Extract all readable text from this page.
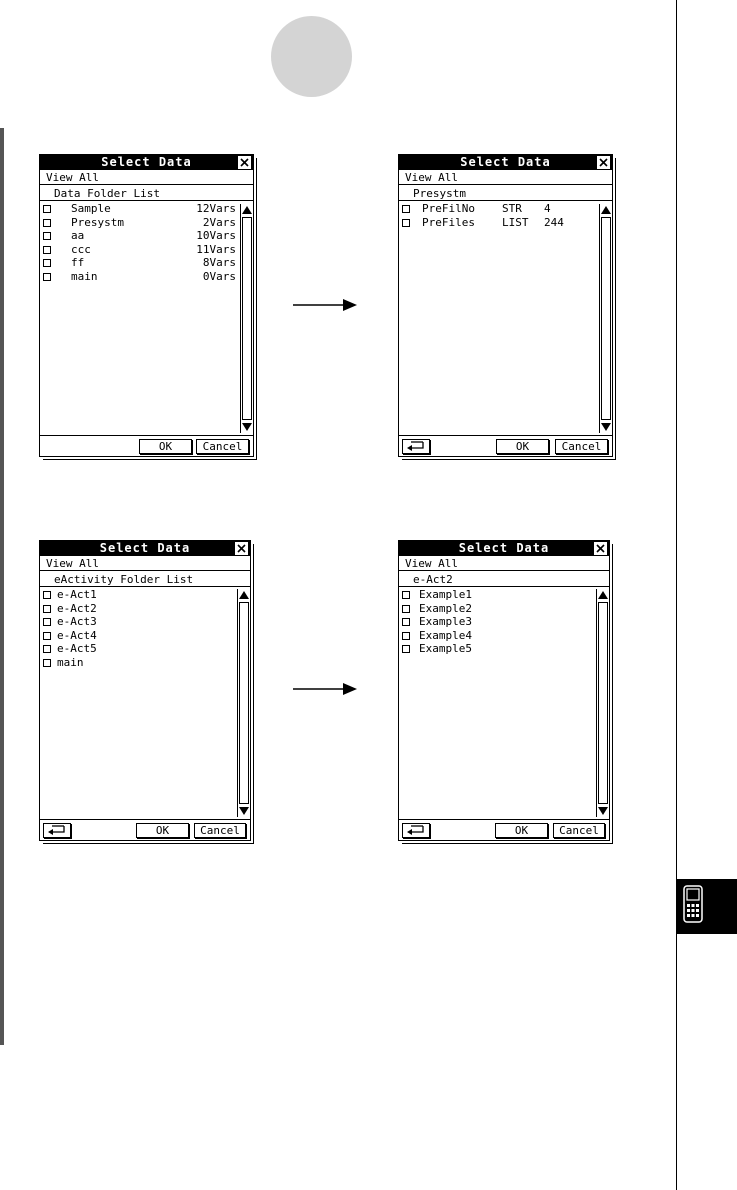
Select Data
View All
Data Folder List
Sample	12Vars
Presystm	2Vars
aa	10Vars
ccc	11Vars
ff	8Vars
main	0Vars
OK	Cancel
Select Data
View All
Presystm
PreFilNo STR 4
PreFiles LIST 244
OK	Cancel
Select Data
View All
eActivity Folder List
e-Act1
e-Act2
e-Act3
e-Act4
e-Act5
main
OK	Cancel
Select Data
View All
e-Act2
Example1
Example2
Example3
Example4
Example5
OK	Cancel
